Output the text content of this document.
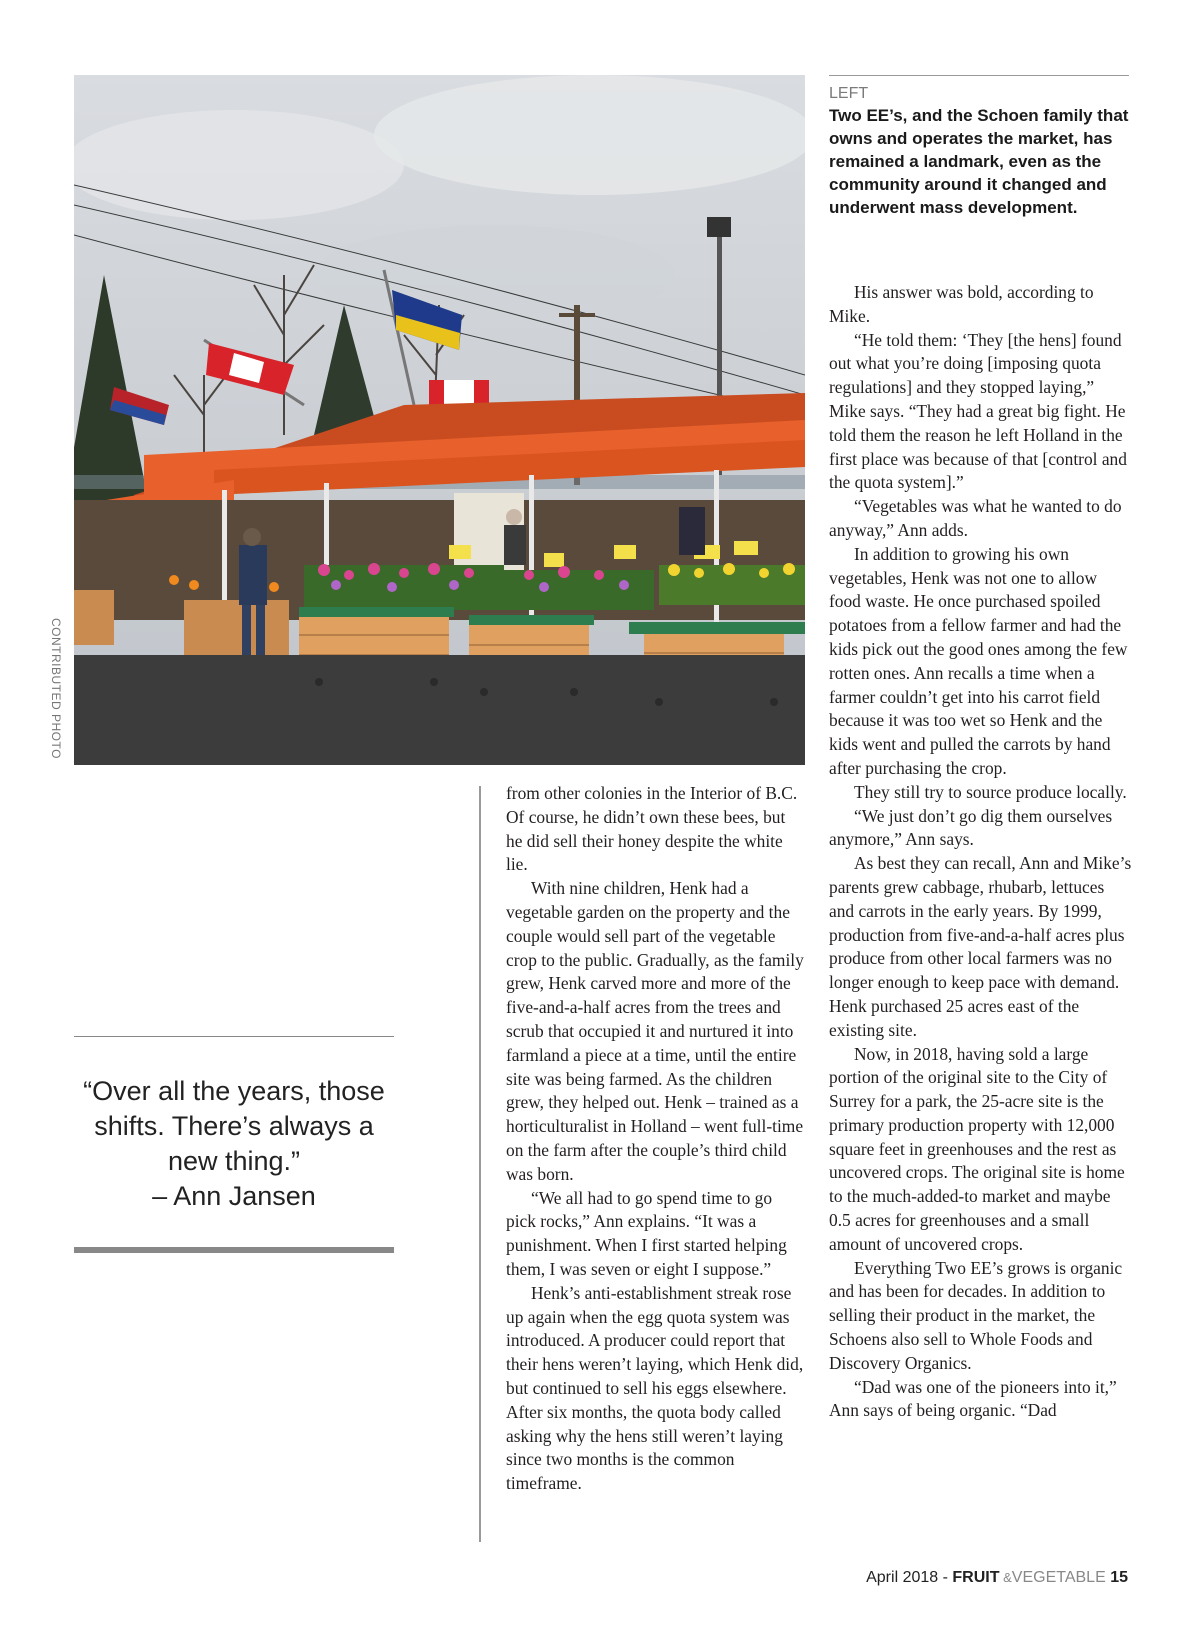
CONTRIBUTED PHOTO
LEFT
Two EE’s, and the Schoen family that owns and operates the market, has remained a landmark, even as the community around it changed and underwent mass development.
“Over all the years, those shifts. There’s always a new thing.”
– Ann Jansen

from other colonies in the Interior of B.C. Of course, he didn’t own these bees, but he did sell their honey despite the white lie.

With nine children, Henk had a vegetable garden on the property and the couple would sell part of the vegetable crop to the public. Gradually, as the family grew, Henk carved more and more of the five-and-a-half acres from the trees and scrub that occupied it and nurtured it into farmland a piece at a time, until the entire site was being farmed. As the children grew, they helped out. Henk – trained as a horticulturalist in Holland – went full-time on the farm after the couple’s third child was born.

“We all had to go spend time to go pick rocks,” Ann explains. “It was a punishment. When I first started helping them, I was seven or eight I suppose.”

Henk’s anti-establishment streak rose up again when the egg quota system was introduced. A producer could report that their hens weren’t laying, which Henk did, but continued to sell his eggs elsewhere. After six months, the quota body called asking why the hens still weren’t laying since two months is the common timeframe.

His answer was bold, according to Mike.

“He told them: ‘They [the hens] found out what you’re doing [imposing quota regulations] and they stopped laying,” Mike says. “They had a great big fight. He told them the reason he left Holland in the first place was because of that [control and the quota system].”

“Vegetables was what he wanted to do anyway,” Ann adds.

In addition to growing his own vegetables, Henk was not one to allow food waste. He once purchased spoiled potatoes from a fellow farmer and had the kids pick out the good ones among the few rotten ones. Ann recalls a time when a farmer couldn’t get into his carrot field because it was too wet so Henk and the kids went and pulled the carrots by hand after purchasing the crop.

They still try to source produce locally.

“We just don’t go dig them ourselves anymore,” Ann says.

As best they can recall, Ann and Mike’s parents grew cabbage, rhubarb, lettuces and carrots in the early years. By 1999, production from five-and-a-half acres plus produce from other local farmers was no longer enough to keep pace with demand. Henk purchased 25 acres east of the existing site.

Now, in 2018, having sold a large portion of the original site to the City of Surrey for a park, the 25-acre site is the primary production property with 12,000 square feet in greenhouses and the rest as uncovered crops. The original site is home to the much-added-to market and maybe 0.5 acres for greenhouses and a small amount of uncovered crops.

Everything Two EE’s grows is organic and has been for decades. In addition to selling their product in the market, the Schoens also sell to Whole Foods and Discovery Organics.

“Dad was one of the pioneers into it,” Ann says of being organic. “Dad

April 2018 - FRUIT &VEGETABLE 15
